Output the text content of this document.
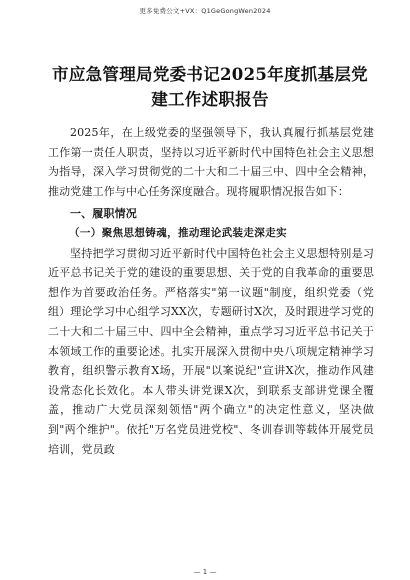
更多免费公文+VX：Q1GeGongWen2024
市应急管理局党委书记2025年度抓基层党建工作述职报告

2025年，在上级党委的坚强领导下，我认真履行抓基层党建工作第一责任人职责，坚持以习近平新时代中国特色社会主义思想为指导，深入学习贯彻党的二十大和二十届三中、四中全会精神，推动党建工作与中心任务深度融合。现将履职情况报告如下：

一、履职情况

（一）聚焦思想铸魂，推动理论武装走深走实

坚持把学习贯彻习近平新时代中国特色社会主义思想特别是习近平总书记关于党的建设的重要思想、关于党的自我革命的重要思想作为首要政治任务。严格落实"第一议题"制度，组织党委（党组）理论学习中心组学习XX次，专题研讨X次，及时跟进学习党的二十大和二十届三中、四中全会精神，重点学习习近平总书记关于本领域工作的重要论述。扎实开展深入贯彻中央八项规定精神学习教育，组织警示教育X场，开展"以案说纪"宣讲X次，推动作风建设常态化长效化。本人带头讲党课X次，到联系支部讲党课全覆盖，推动广大党员深刻领悟"两个确立"的决定性意义，坚决做到"两个维护"。依托"万名党员进党校"、冬训春训等载体开展党员培训，党员政

— 1 —
